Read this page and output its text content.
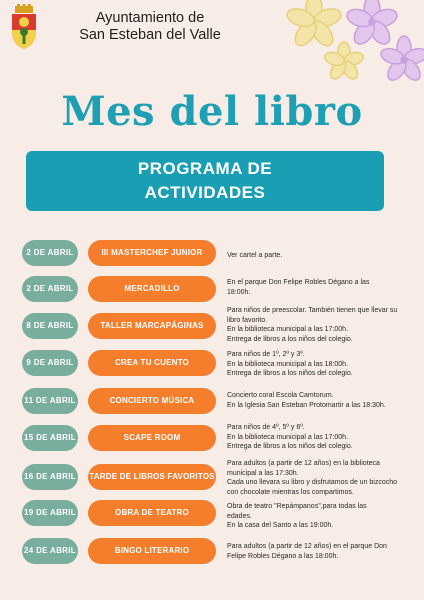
Ayuntamiento de
San Esteban del Valle
Mes del libro
PROGRAMA DE
ACTIVIDADES
2 DE ABRIL	III MASTERCHEF JUNIOR	Ver cartel a parte.
2 DE ABRIL	MERCADILLO
En el parque Don Felipe Robles Dégano a las
18:00h.
8 DE ABRIL	TALLER MARCAPÁGINAS
Para niños de preescolar. También tienen que llevar su
libro favorito.
En la biblioteca municipal a las 17:00h.
Entrega de libros a los niños del colegio.
9 DE ABRIL	CREA TU CUENTO
Para niños de 1º, 2º y 3º.
En la biblioteca municipal a las 18:00h.
Entrega de libros a los niños del colegio.
11 DE ABRIL	CONCIERTO MÚSICA
Concierto coral Escola Camtorum.
En la Iglesia San Esteban Protomartir a las 18:30h.
15 DE ABRIL	SCAPE ROOM
Para niños de 4º, 5º y 6º.
En la biblioteca municipal a las 17:00h.
Entrega de libros a los niños del colegio.
16 DE ABRIL TARDE DE LIBROS FAVORITOS
Para adultos (a partir de 12 años) en la biblioteca
municipal a las 17:30h.
Cada uno llevara su libro y disfrutamos de un bizcocho
con chocolate mientras los compartimos.
19 DE ABRIL	OBRA DE TEATRO
Obra de teatro "Repámpanos",para todas las
edades.
En la casa del Santo a las 19:00h.
24 DE ABRIL	BINGO LITERARIO	Para adultos (a partir de 12 años) en el parque Don
Felipe Robles Dégano a las 18:00h.
